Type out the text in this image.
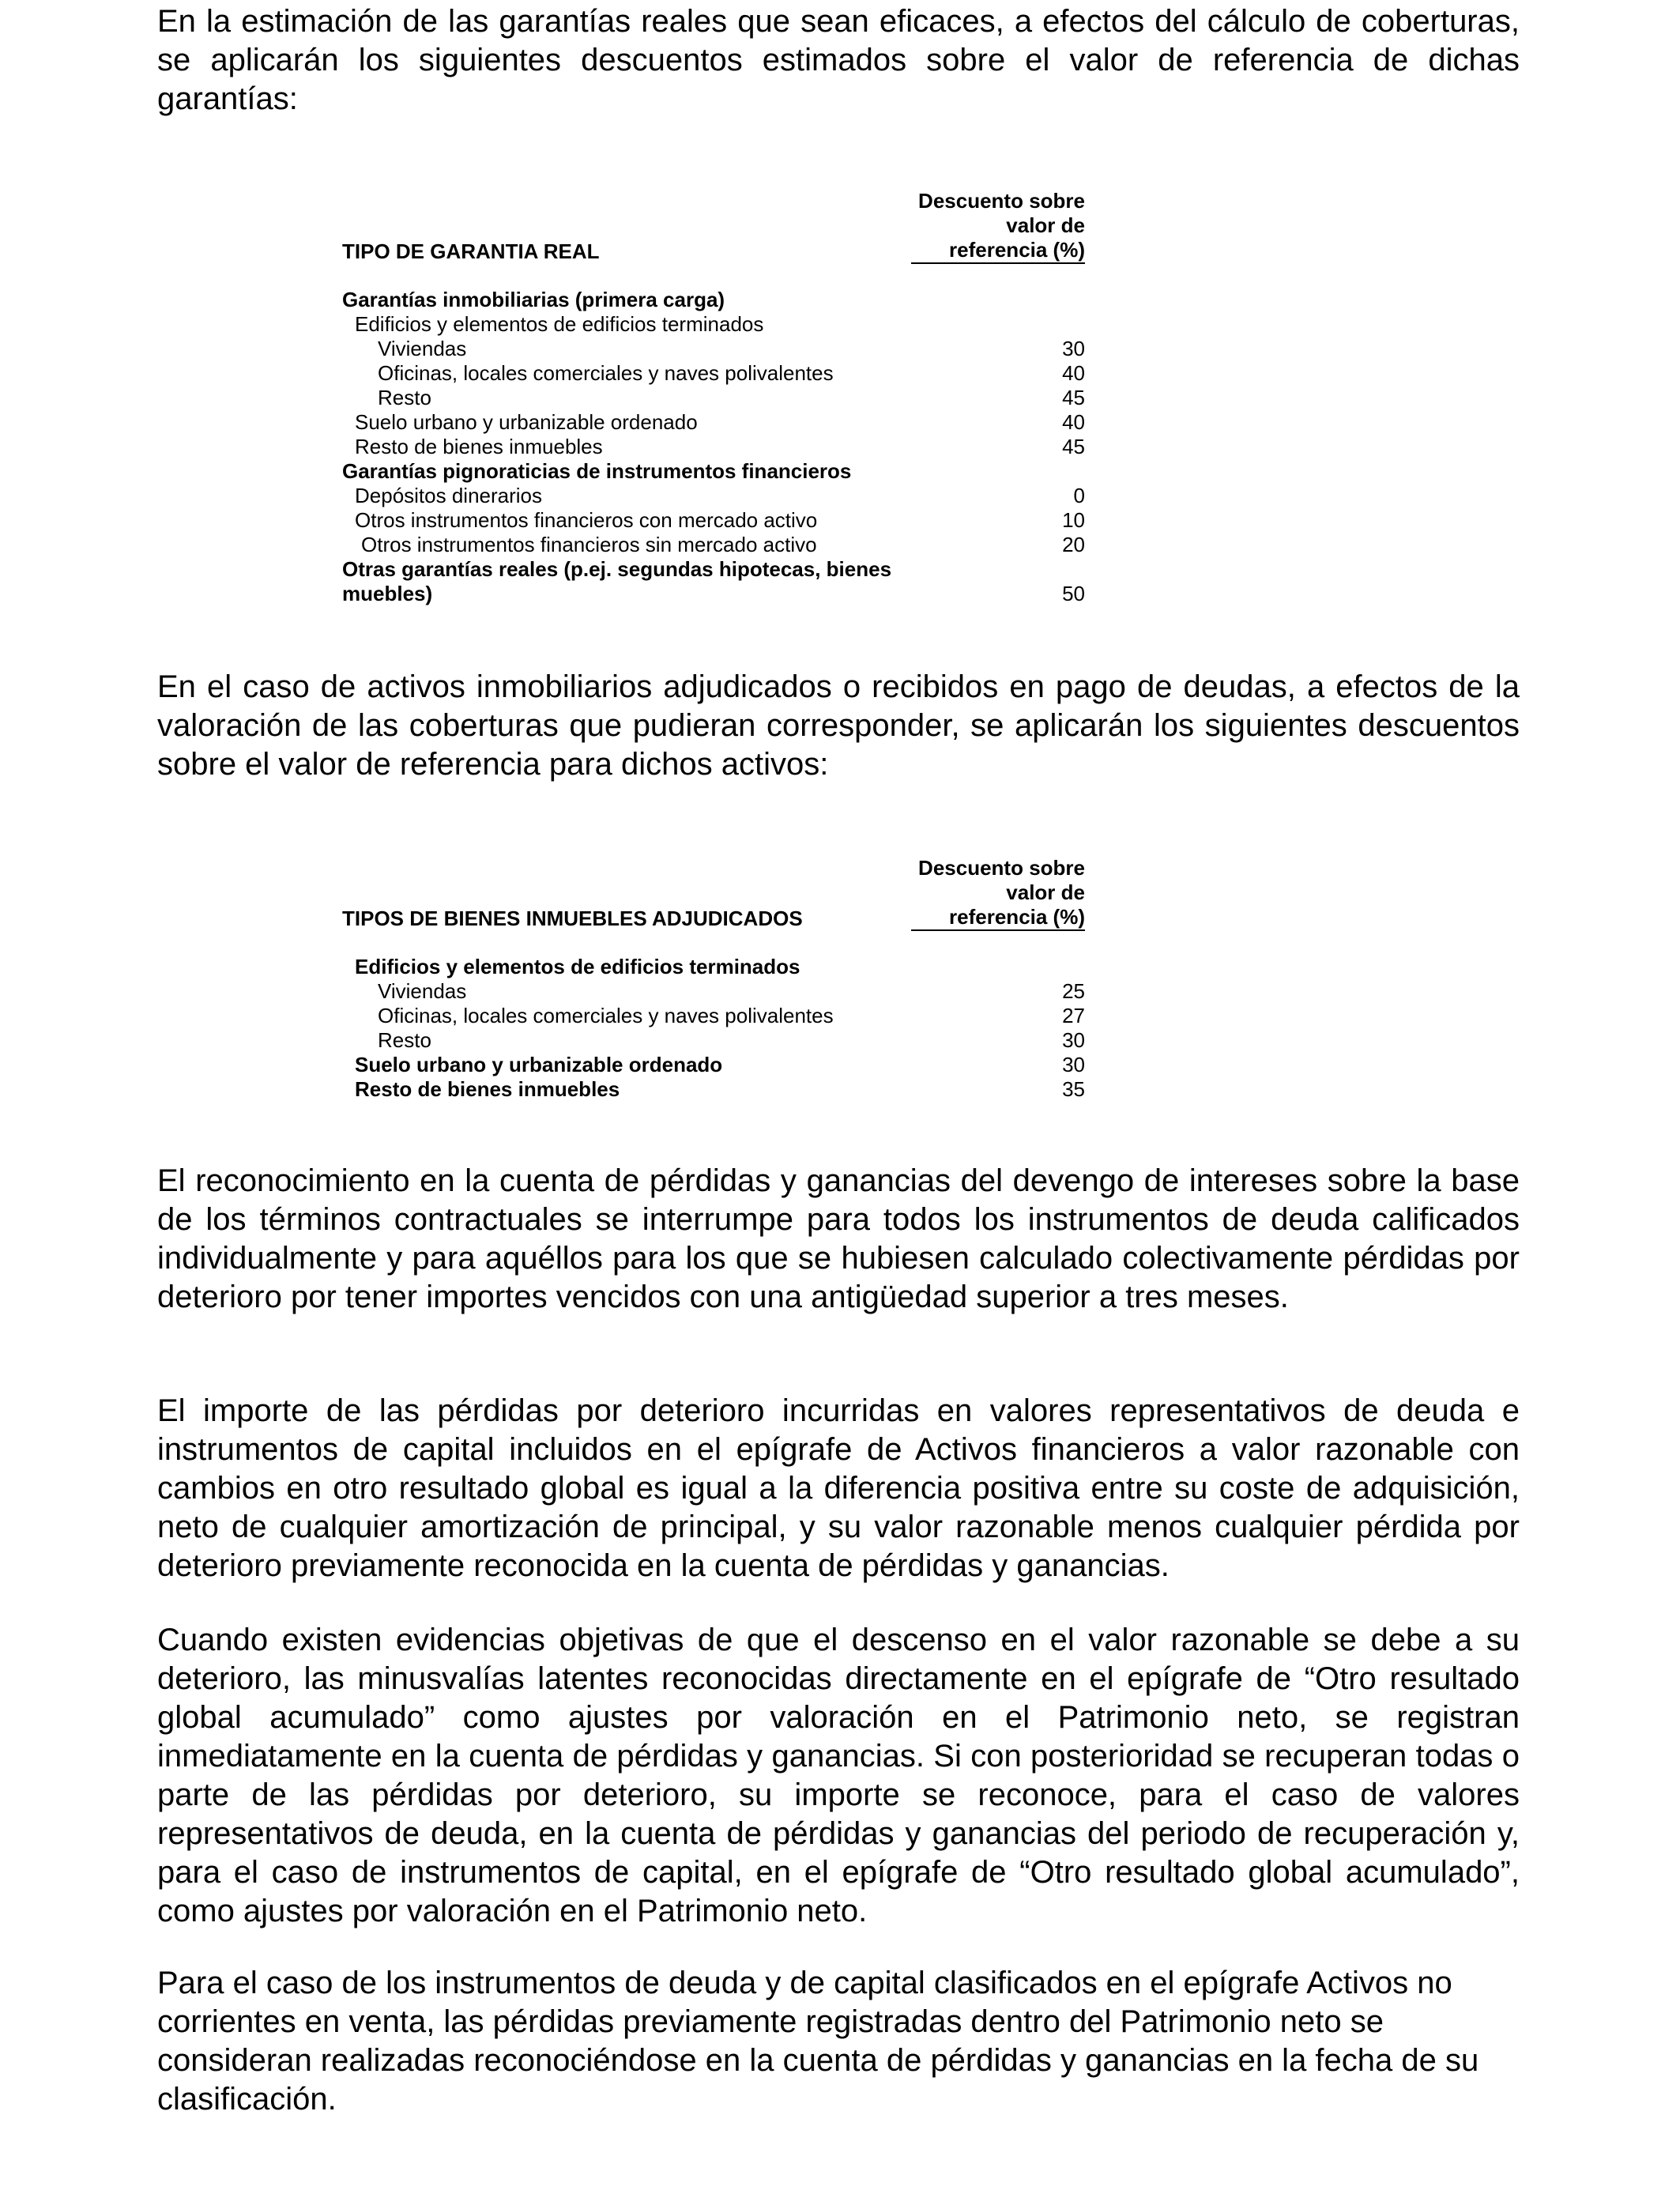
En la estimación de las garantías reales que sean eficaces, a efectos del cálculo de coberturas, se aplicarán los siguientes descuentos estimados sobre el valor de referencia de dichas garantías:

TIPO DE GARANTIA REAL
Descuento sobre valor de referencia (%)
Garantías inmobiliarias (primera carga)
Edificios y elementos de edificios terminados
Viviendas	30
Oficinas, locales comerciales y naves polivalentes	40
Resto	45
Suelo urbano y urbanizable ordenado	40
Resto de bienes inmuebles	45
Garantías pignoraticias de instrumentos financieros
Depósitos dinerarios	0
Otros instrumentos financieros con mercado activo	10
Otros instrumentos financieros sin mercado activo	20
Otras garantías reales (p.ej. segundas hipotecas, bienes muebles)	50

En el caso de activos inmobiliarios adjudicados o recibidos en pago de deudas, a efectos de la valoración de las coberturas que pudieran corresponder, se aplicarán los siguientes descuentos sobre el valor de referencia para dichos activos:

TIPOS DE BIENES INMUEBLES ADJUDICADOS
Descuento sobre valor de referencia (%)
Edificios y elementos de edificios terminados
Viviendas	25
Oficinas, locales comerciales y naves polivalentes	27
Resto	30
Suelo urbano y urbanizable ordenado	30
Resto de bienes inmuebles	35

El reconocimiento en la cuenta de pérdidas y ganancias del devengo de intereses sobre la base de los términos contractuales se interrumpe para todos los instrumentos de deuda calificados individualmente y para aquéllos para los que se hubiesen calculado colectivamente pérdidas por deterioro por tener importes vencidos con una antigüedad superior a tres meses.

El importe de las pérdidas por deterioro incurridas en valores representativos de deuda e instrumentos de capital incluidos en el epígrafe de Activos financieros a valor razonable con cambios en otro resultado global es igual a la diferencia positiva entre su coste de adquisición, neto de cualquier amortización de principal, y su valor razonable menos cualquier pérdida por deterioro previamente reconocida en la cuenta de pérdidas y ganancias.

Cuando existen evidencias objetivas de que el descenso en el valor razonable se debe a su deterioro, las minusvalías latentes reconocidas directamente en el epígrafe de “Otro resultado global acumulado” como ajustes por valoración en el Patrimonio neto, se registran inmediatamente en la cuenta de pérdidas y ganancias. Si con posterioridad se recuperan todas o parte de las pérdidas por deterioro, su importe se reconoce, para el caso de valores representativos de deuda, en la cuenta de pérdidas y ganancias del periodo de recuperación y, para el caso de instrumentos de capital, en el epígrafe de “Otro resultado global acumulado”, como ajustes por valoración en el Patrimonio neto.

Para el caso de los instrumentos de deuda y de capital clasificados en el epígrafe Activos no corrientes en venta, las pérdidas previamente registradas dentro del Patrimonio neto se consideran realizadas reconociéndose en la cuenta de pérdidas y ganancias en la fecha de su clasificación.
